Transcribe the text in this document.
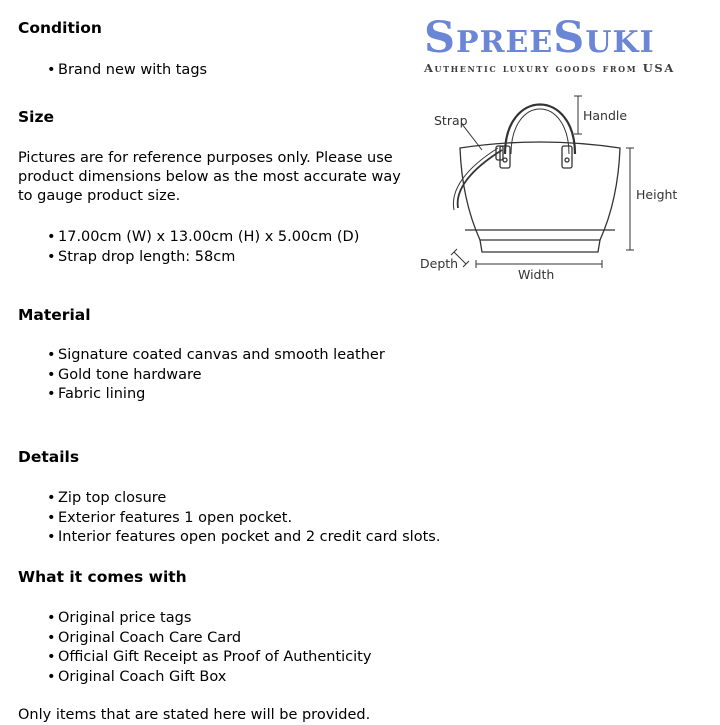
SpreeSuki

Authentic luxury goods from USA

Strap	Handle
Height
Depth
Width
Condition
• Brand new with tags
Size

Pictures are for reference purposes only. Please use product dimensions below as the most accurate way to gauge product size.

• 17.00cm (W) x 13.00cm (H) x 5.00cm (D)
• Strap drop length: 58cm
Material
• Signature coated canvas and smooth leather
• Gold tone hardware
• Fabric lining
Details
• Zip top closure
• Exterior features 1 open pocket.
• Interior features open pocket and 2 credit card slots.
What it comes with
• Original price tags
• Original Coach Care Card
• Official Gift Receipt as Proof of Authenticity
• Original Coach Gift Box

Only items that are stated here will be provided.
